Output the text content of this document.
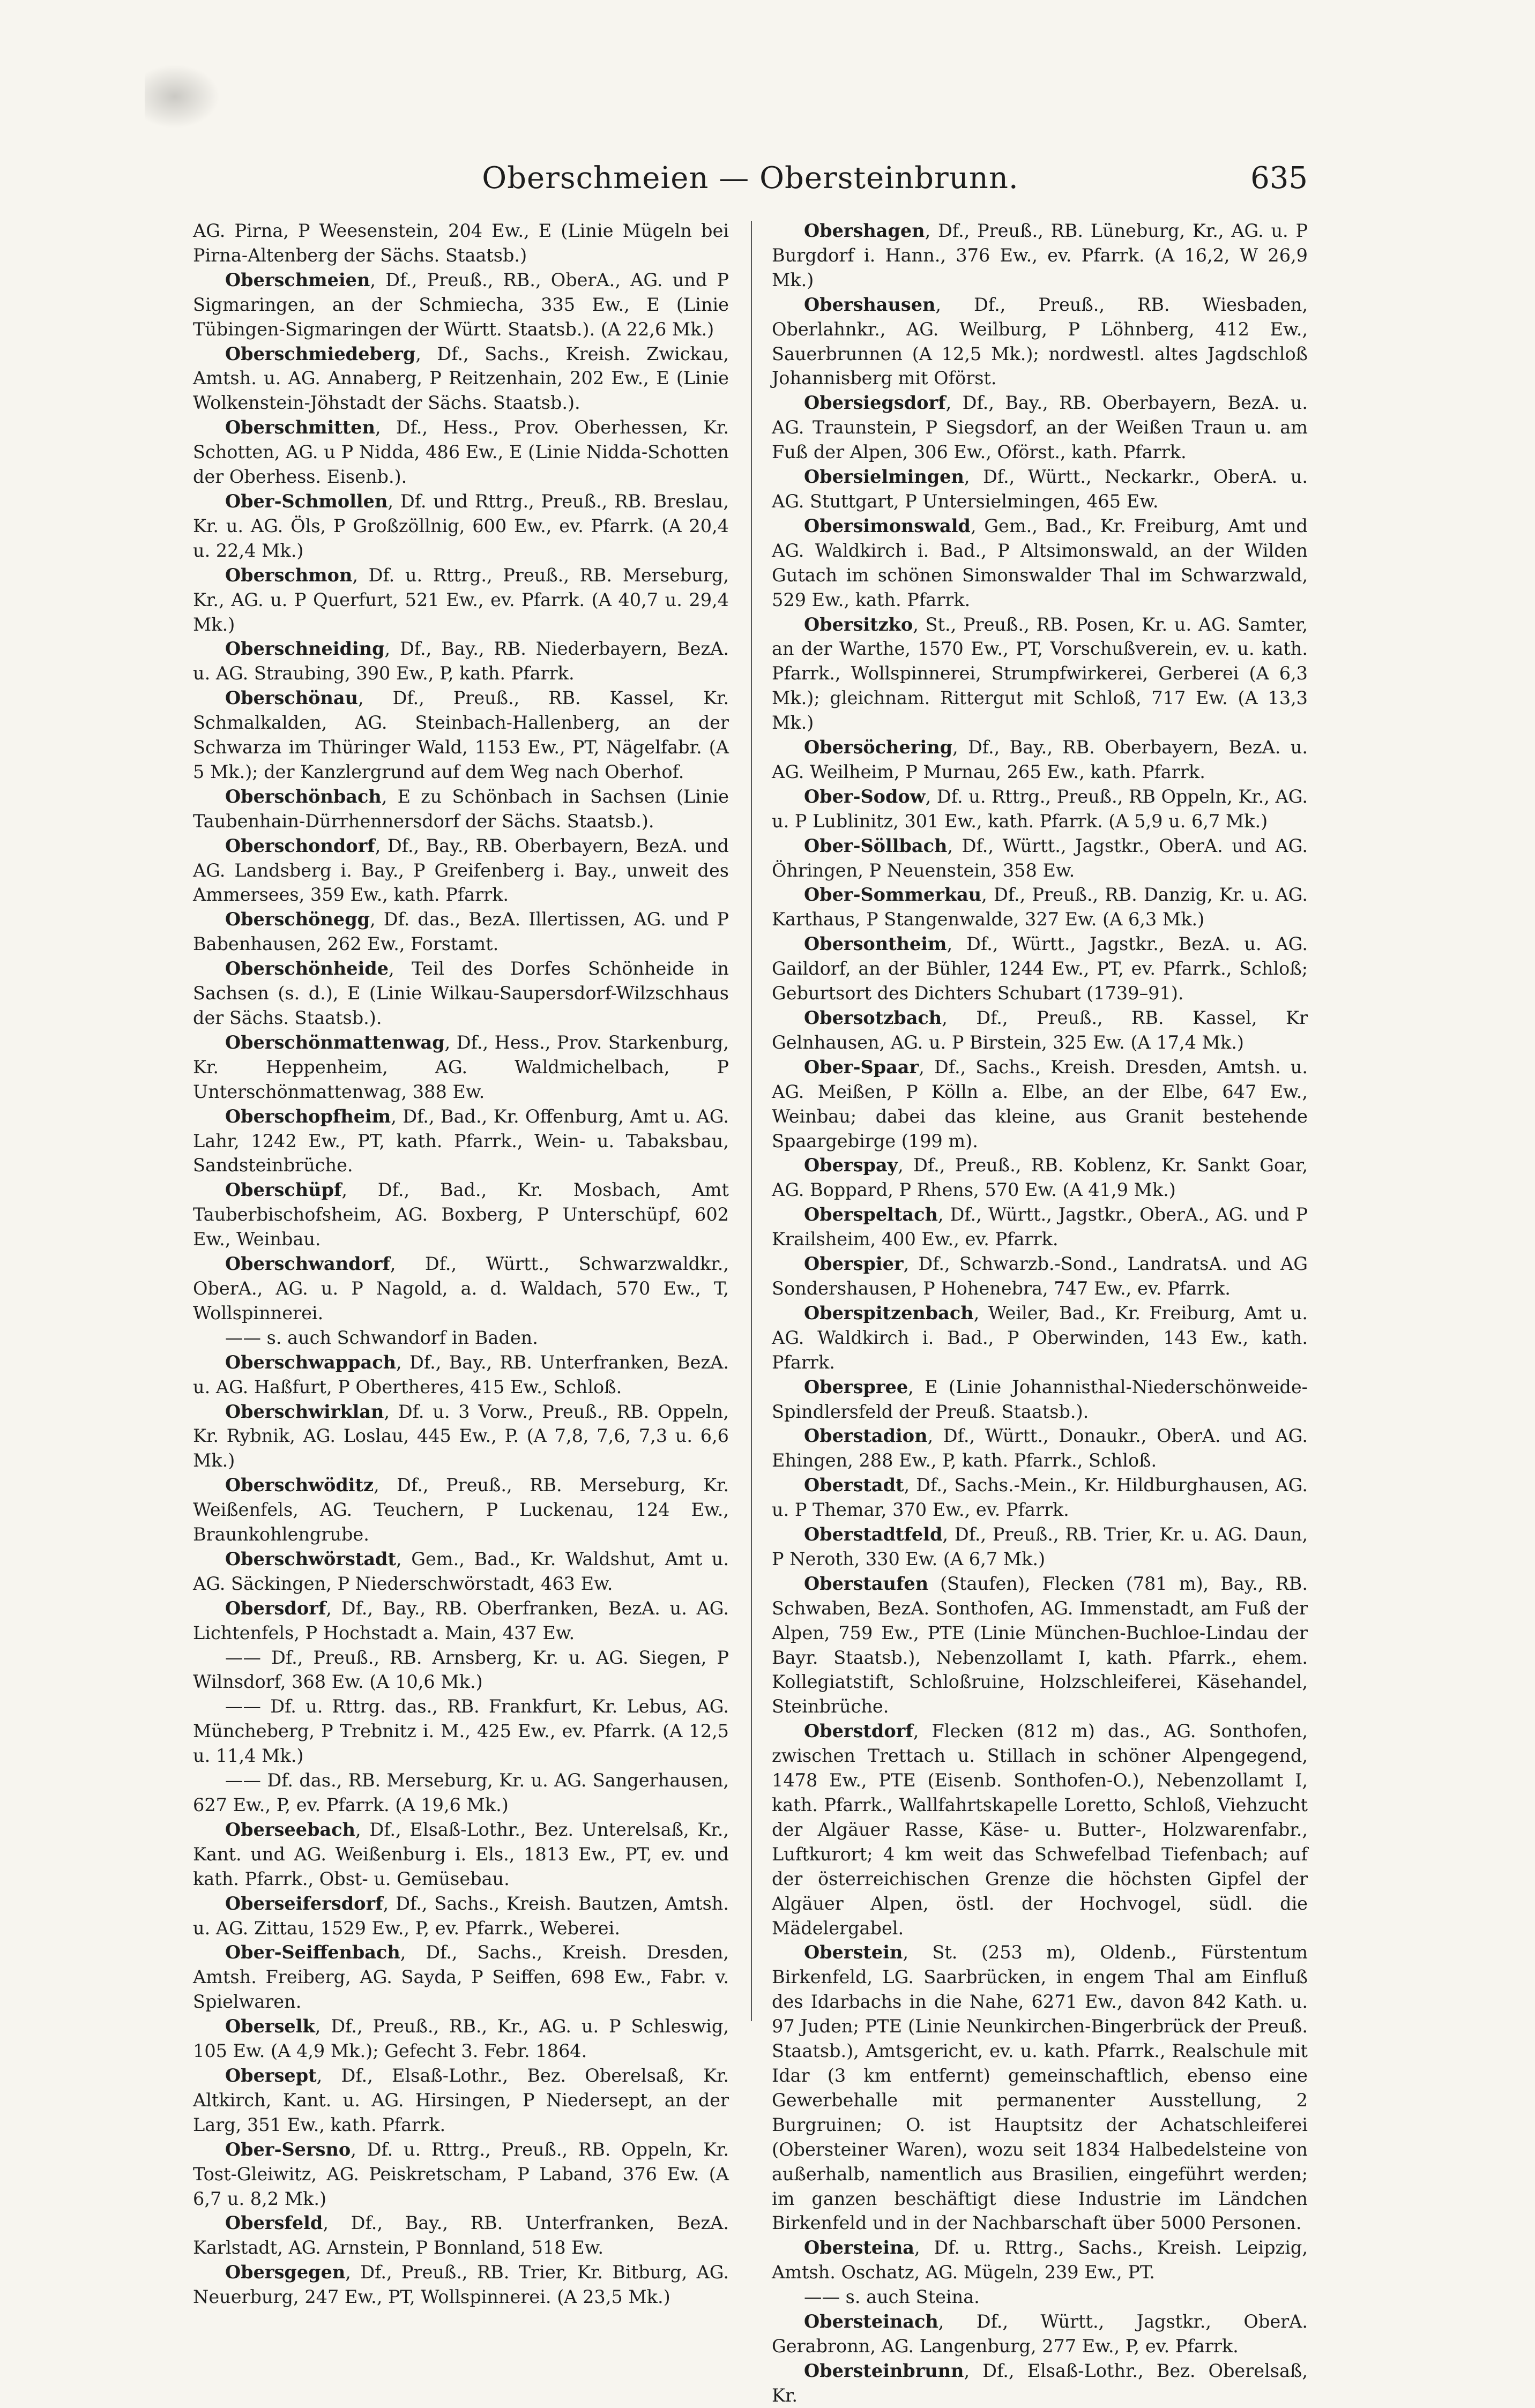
Oberschmeien — Obersteinbrunn.	635

AG. Pirna, P Weesenstein, 204 Ew., E (Linie Mügeln bei Pirna-Altenberg der Sächs. Staatsb.)

Oberschmeien, Df., Preuß., RB., OberA., AG. und P Sigmaringen, an der Schmiecha, 335 Ew., E (Linie Tübingen-Sigmaringen der Württ. Staatsb.). (A 22,6 Mk.)

Oberschmiedeberg, Df., Sachs., Kreish. Zwickau, Amtsh. u. AG. Annaberg, P Reitzenhain, 202 Ew., E (Linie Wolkenstein-Jöhstadt der Sächs. Staatsb.).

Oberschmitten, Df., Hess., Prov. Oberhessen, Kr. Schotten, AG. u P Nidda, 486 Ew., E (Linie Nidda-Schotten der Oberhess. Eisenb.).

Ober-Schmollen, Df. und Rttrg., Preuß., RB. Breslau, Kr. u. AG. Öls, P Großzöllnig, 600 Ew., ev. Pfarrk. (A 20,4 u. 22,4 Mk.)

Oberschmon, Df. u. Rttrg., Preuß., RB. Merseburg, Kr., AG. u. P Querfurt, 521 Ew., ev. Pfarrk. (A 40,7 u. 29,4 Mk.)

Oberschneiding, Df., Bay., RB. Niederbayern, BezA. u. AG. Straubing, 390 Ew., P, kath. Pfarrk.

Oberschönau, Df., Preuß., RB. Kassel, Kr. Schmalkalden, AG. Steinbach-Hallenberg, an der Schwarza im Thüringer Wald, 1153 Ew., PT, Nägelfabr. (A 5 Mk.); der Kanzlergrund auf dem Weg nach Oberhof.

Oberschönbach, E zu Schönbach in Sachsen (Linie Taubenhain-Dürrhennersdorf der Sächs. Staatsb.).

Oberschondorf, Df., Bay., RB. Oberbayern, BezA. und AG. Landsberg i. Bay., P Greifenberg i. Bay., unweit des Ammersees, 359 Ew., kath. Pfarrk.

Oberschönegg, Df. das., BezA. Illertissen, AG. und P Babenhausen, 262 Ew., Forstamt.

Oberschönheide, Teil des Dorfes Schönheide in Sachsen (s. d.), E (Linie Wilkau-Saupersdorf-Wilzschhaus der Sächs. Staatsb.).

Oberschönmattenwag, Df., Hess., Prov. Starkenburg, Kr. Heppenheim, AG. Waldmichelbach, P Unterschönmattenwag, 388 Ew.

Oberschopfheim, Df., Bad., Kr. Offenburg, Amt u. AG. Lahr, 1242 Ew., PT, kath. Pfarrk., Wein- u. Tabaksbau, Sandsteinbrüche.

Oberschüpf, Df., Bad., Kr. Mosbach, Amt Tauberbischofsheim, AG. Boxberg, P Unterschüpf, 602 Ew., Weinbau.

Oberschwandorf, Df., Württ., Schwarzwaldkr., OberA., AG. u. P Nagold, a. d. Waldach, 570 Ew., T, Wollspinnerei.

—— s. auch Schwandorf in Baden.

Oberschwappach, Df., Bay., RB. Unterfranken, BezA. u. AG. Haßfurt, P Obertheres, 415 Ew., Schloß.

Oberschwirklan, Df. u. 3 Vorw., Preuß., RB. Oppeln, Kr. Rybnik, AG. Loslau, 445 Ew., P. (A 7,8, 7,6, 7,3 u. 6,6 Mk.)

Oberschwöditz, Df., Preuß., RB. Merseburg, Kr. Weißenfels, AG. Teuchern, P Luckenau, 124 Ew., Braunkohlengrube.

Oberschwörstadt, Gem., Bad., Kr. Waldshut, Amt u. AG. Säckingen, P Niederschwörstadt, 463 Ew.

Obersdorf, Df., Bay., RB. Oberfranken, BezA. u. AG. Lichtenfels, P Hochstadt a. Main, 437 Ew.

—— Df., Preuß., RB. Arnsberg, Kr. u. AG. Siegen, P Wilnsdorf, 368 Ew. (A 10,6 Mk.)

—— Df. u. Rttrg. das., RB. Frankfurt, Kr. Lebus, AG. Müncheberg, P Trebnitz i. M., 425 Ew., ev. Pfarrk. (A 12,5 u. 11,4 Mk.)

—— Df. das., RB. Merseburg, Kr. u. AG. Sangerhausen, 627 Ew., P, ev. Pfarrk. (A 19,6 Mk.)

Oberseebach, Df., Elsaß-Lothr., Bez. Unterelsaß, Kr., Kant. und AG. Weißenburg i. Els., 1813 Ew., PT, ev. und kath. Pfarrk., Obst- u. Gemüsebau.

Oberseifersdorf, Df., Sachs., Kreish. Bautzen, Amtsh. u. AG. Zittau, 1529 Ew., P, ev. Pfarrk., Weberei.

Ober-Seiffenbach, Df., Sachs., Kreish. Dresden, Amtsh. Freiberg, AG. Sayda, P Seiffen, 698 Ew., Fabr. v. Spielwaren.

Oberselk, Df., Preuß., RB., Kr., AG. u. P Schleswig, 105 Ew. (A 4,9 Mk.); Gefecht 3. Febr. 1864.

Obersept, Df., Elsaß-Lothr., Bez. Oberelsaß, Kr. Altkirch, Kant. u. AG. Hirsingen, P Niedersept, an der Larg, 351 Ew., kath. Pfarrk.

Ober-Sersno, Df. u. Rttrg., Preuß., RB. Oppeln, Kr. Tost-Gleiwitz, AG. Peiskretscham, P Laband, 376 Ew. (A 6,7 u. 8,2 Mk.)

Obersfeld, Df., Bay., RB. Unterfranken, BezA. Karlstadt, AG. Arnstein, P Bonnland, 518 Ew.

Obersgegen, Df., Preuß., RB. Trier, Kr. Bitburg, AG. Neuerburg, 247 Ew., PT, Wollspinnerei. (A 23,5 Mk.)

Obershagen, Df., Preuß., RB. Lüneburg, Kr., AG. u. P Burgdorf i. Hann., 376 Ew., ev. Pfarrk. (A 16,2, W 26,9 Mk.)

Obershausen, Df., Preuß., RB. Wiesbaden, Oberlahnkr., AG. Weilburg, P Löhnberg, 412 Ew., Sauerbrunnen (A 12,5 Mk.); nordwestl. altes Jagdschloß Johannisberg mit Oförst.

Obersiegsdorf, Df., Bay., RB. Oberbayern, BezA. u. AG. Traunstein, P Siegsdorf, an der Weißen Traun u. am Fuß der Alpen, 306 Ew., Oförst., kath. Pfarrk.

Obersielmingen, Df., Württ., Neckarkr., OberA. u. AG. Stuttgart, P Untersielmingen, 465 Ew.

Obersimonswald, Gem., Bad., Kr. Freiburg, Amt und AG. Waldkirch i. Bad., P Altsimonswald, an der Wilden Gutach im schönen Simonswalder Thal im Schwarzwald, 529 Ew., kath. Pfarrk.

Obersitzko, St., Preuß., RB. Posen, Kr. u. AG. Samter, an der Warthe, 1570 Ew., PT, Vorschußverein, ev. u. kath. Pfarrk., Wollspinnerei, Strumpfwirkerei, Gerberei (A 6,3 Mk.); gleichnam. Rittergut mit Schloß, 717 Ew. (A 13,3 Mk.)

Obersöchering, Df., Bay., RB. Oberbayern, BezA. u. AG. Weilheim, P Murnau, 265 Ew., kath. Pfarrk.

Ober-Sodow, Df. u. Rttrg., Preuß., RB Oppeln, Kr., AG. u. P Lublinitz, 301 Ew., kath. Pfarrk. (A 5,9 u. 6,7 Mk.)

Ober-Söllbach, Df., Württ., Jagstkr., OberA. und AG. Öhringen, P Neuenstein, 358 Ew.

Ober-Sommerkau, Df., Preuß., RB. Danzig, Kr. u. AG. Karthaus, P Stangenwalde, 327 Ew. (A 6,3 Mk.)

Obersontheim, Df., Württ., Jagstkr., BezA. u. AG. Gaildorf, an der Bühler, 1244 Ew., PT, ev. Pfarrk., Schloß; Geburtsort des Dichters Schubart (1739–91).

Obersotzbach, Df., Preuß., RB. Kassel, Kr Gelnhausen, AG. u. P Birstein, 325 Ew. (A 17,4 Mk.)

Ober-Spaar, Df., Sachs., Kreish. Dresden, Amtsh. u. AG. Meißen, P Kölln a. Elbe, an der Elbe, 647 Ew., Weinbau; dabei das kleine, aus Granit bestehende Spaargebirge (199 m).

Oberspay, Df., Preuß., RB. Koblenz, Kr. Sankt Goar, AG. Boppard, P Rhens, 570 Ew. (A 41,9 Mk.)

Oberspeltach, Df., Württ., Jagstkr., OberA., AG. und P Krailsheim, 400 Ew., ev. Pfarrk.

Oberspier, Df., Schwarzb.-Sond., LandratsA. und AG Sondershausen, P Hohenebra, 747 Ew., ev. Pfarrk.

Oberspitzenbach, Weiler, Bad., Kr. Freiburg, Amt u. AG. Waldkirch i. Bad., P Oberwinden, 143 Ew., kath. Pfarrk.

Oberspree, E (Linie Johannisthal-Niederschönweide-Spindlersfeld der Preuß. Staatsb.).

Oberstadion, Df., Württ., Donaukr., OberA. und AG. Ehingen, 288 Ew., P, kath. Pfarrk., Schloß.

Oberstadt, Df., Sachs.-Mein., Kr. Hildburghausen, AG. u. P Themar, 370 Ew., ev. Pfarrk.

Oberstadtfeld, Df., Preuß., RB. Trier, Kr. u. AG. Daun, P Neroth, 330 Ew. (A 6,7 Mk.)

Oberstaufen (Staufen), Flecken (781 m), Bay., RB. Schwaben, BezA. Sonthofen, AG. Immenstadt, am Fuß der Alpen, 759 Ew., PTE (Linie München-Buchloe-Lindau der Bayr. Staatsb.), Nebenzollamt I, kath. Pfarrk., ehem. Kollegiatstift, Schloßruine, Holzschleiferei, Käsehandel, Steinbrüche.

Oberstdorf, Flecken (812 m) das., AG. Sonthofen, zwischen Trettach u. Stillach in schöner Alpengegend, 1478 Ew., PTE (Eisenb. Sonthofen-O.), Nebenzollamt I, kath. Pfarrk., Wallfahrtskapelle Loretto, Schloß, Viehzucht der Algäuer Rasse, Käse- u. Butter-, Holzwarenfabr., Luftkurort; 4 km weit das Schwefelbad Tiefenbach; auf der österreichischen Grenze die höchsten Gipfel der Algäuer Alpen, östl. der Hochvogel, südl. die Mädelergabel.

Oberstein, St. (253 m), Oldenb., Fürstentum Birkenfeld, LG. Saarbrücken, in engem Thal am Einfluß des Idarbachs in die Nahe, 6271 Ew., davon 842 Kath. u. 97 Juden; PTE (Linie Neunkirchen-Bingerbrück der Preuß. Staatsb.), Amtsgericht, ev. u. kath. Pfarrk., Realschule mit Idar (3 km entfernt) gemeinschaftlich, ebenso eine Gewerbehalle mit permanenter Ausstellung, 2 Burgruinen; O. ist Hauptsitz der Achatschleiferei (Obersteiner Waren), wozu seit 1834 Halbedelsteine von außerhalb, namentlich aus Brasilien, eingeführt werden; im ganzen beschäftigt diese Industrie im Ländchen Birkenfeld und in der Nachbarschaft über 5000 Personen.

Obersteina, Df. u. Rttrg., Sachs., Kreish. Leipzig, Amtsh. Oschatz, AG. Mügeln, 239 Ew., PT.

—— s. auch Steina.

Obersteinach, Df., Württ., Jagstkr., OberA. Gerabronn, AG. Langenburg, 277 Ew., P, ev. Pfarrk.

Obersteinbrunn, Df., Elsaß-Lothr., Bez. Oberelsaß, Kr.
